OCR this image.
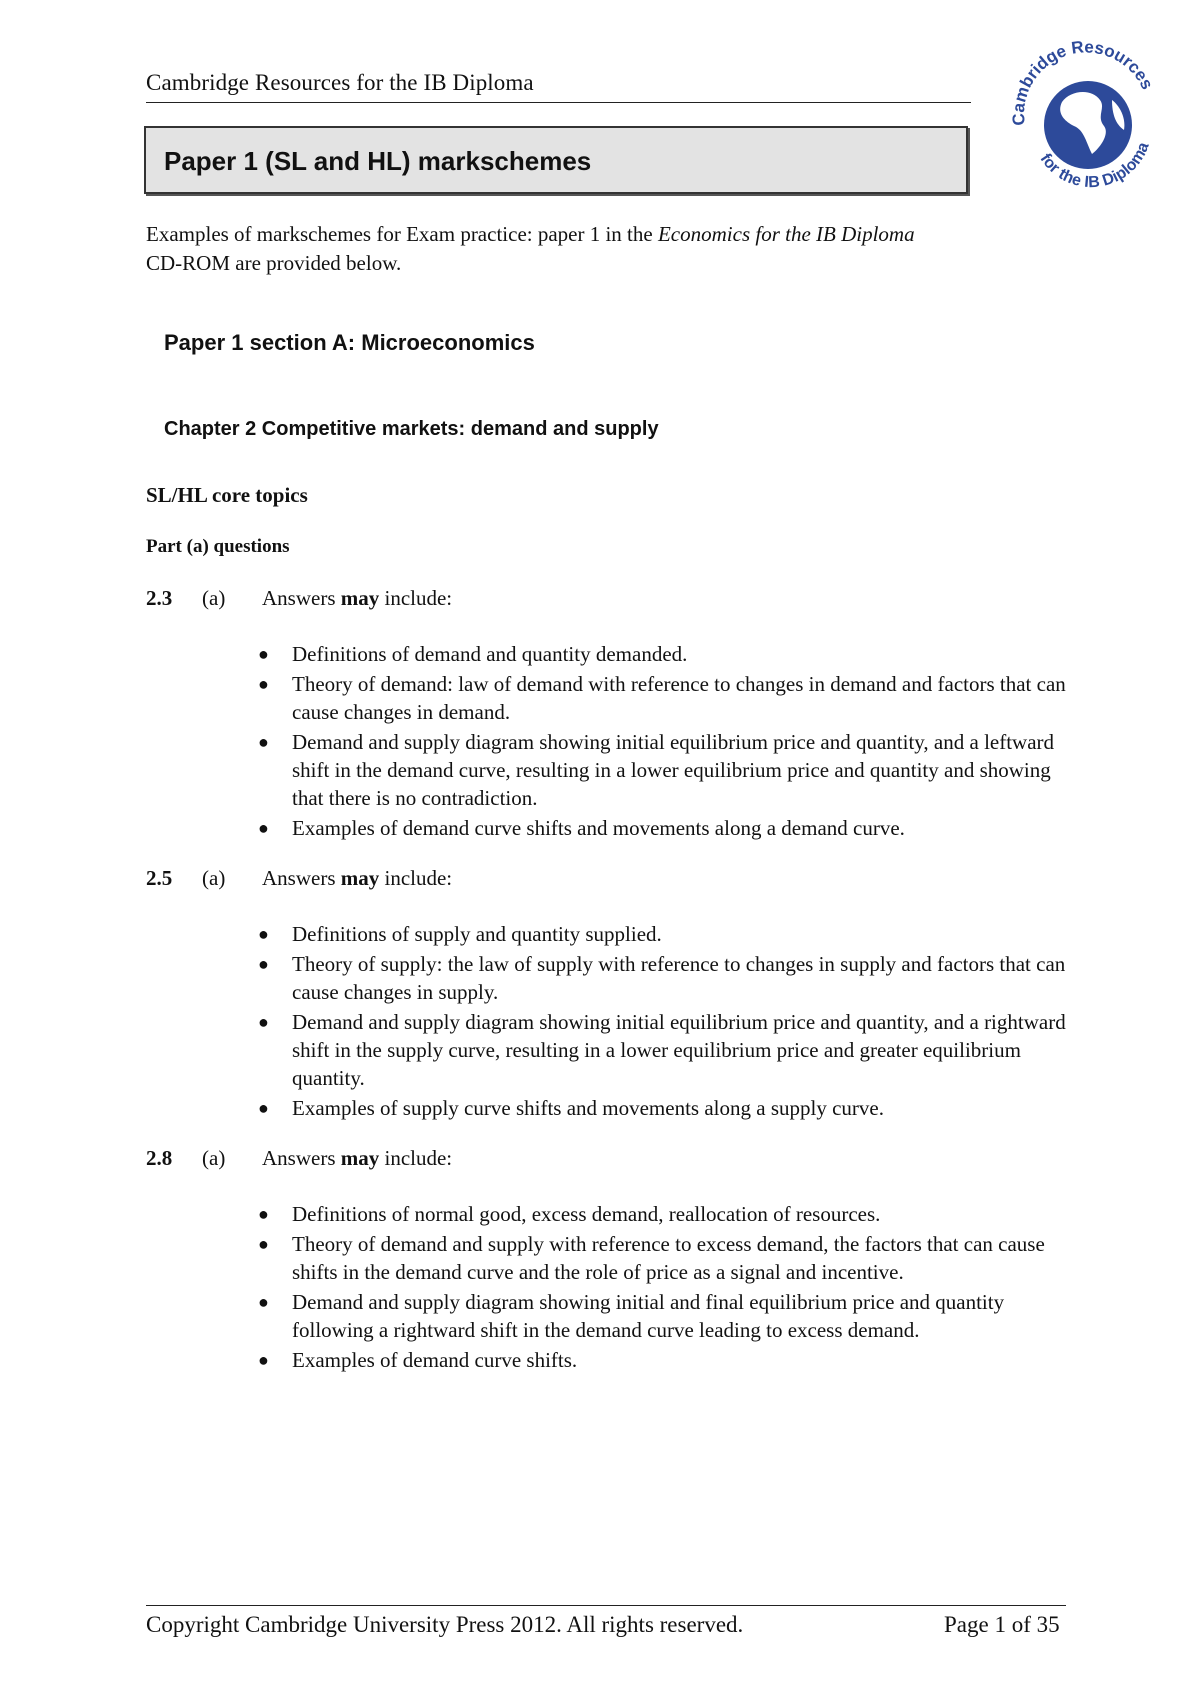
Cambridge Resources for the IB Diploma
Cambridge Resources
for the IB Diploma
Paper 1 (SL and HL) markschemes
Examples of markschemes for Exam practice: paper 1 in the Economics for the IB Diploma
CD-ROM are provided below.
Paper 1 section A: Microeconomics
Chapter 2 Competitive markets: demand and supply
SL/HL core topics
Part (a) questions
2.3 (a) Answers may include:
● Definitions of demand and quantity demanded.
● Theory of demand: law of demand with reference to changes in demand and factors that can cause changes in demand.
● Demand and supply diagram showing initial equilibrium price and quantity, and a leftward shift in the demand curve, resulting in a lower equilibrium price and quantity and showing that there is no contradiction.
● Examples of demand curve shifts and movements along a demand curve.
2.5 (a) Answers may include:
● Definitions of supply and quantity supplied.
● Theory of supply: the law of supply with reference to changes in supply and factors that can cause changes in supply.
● Demand and supply diagram showing initial equilibrium price and quantity, and a rightward shift in the supply curve, resulting in a lower equilibrium price and greater equilibrium quantity.
● Examples of supply curve shifts and movements along a supply curve.
2.8 (a) Answers may include:
● Definitions of normal good, excess demand, reallocation of resources.
● Theory of demand and supply with reference to excess demand, the factors that can cause shifts in the demand curve and the role of price as a signal and incentive.
● Demand and supply diagram showing initial and final equilibrium price and quantity following a rightward shift in the demand curve leading to excess demand.
● Examples of demand curve shifts.
Copyright Cambridge University Press 2012. All rights reserved.	Page 1 of 35
